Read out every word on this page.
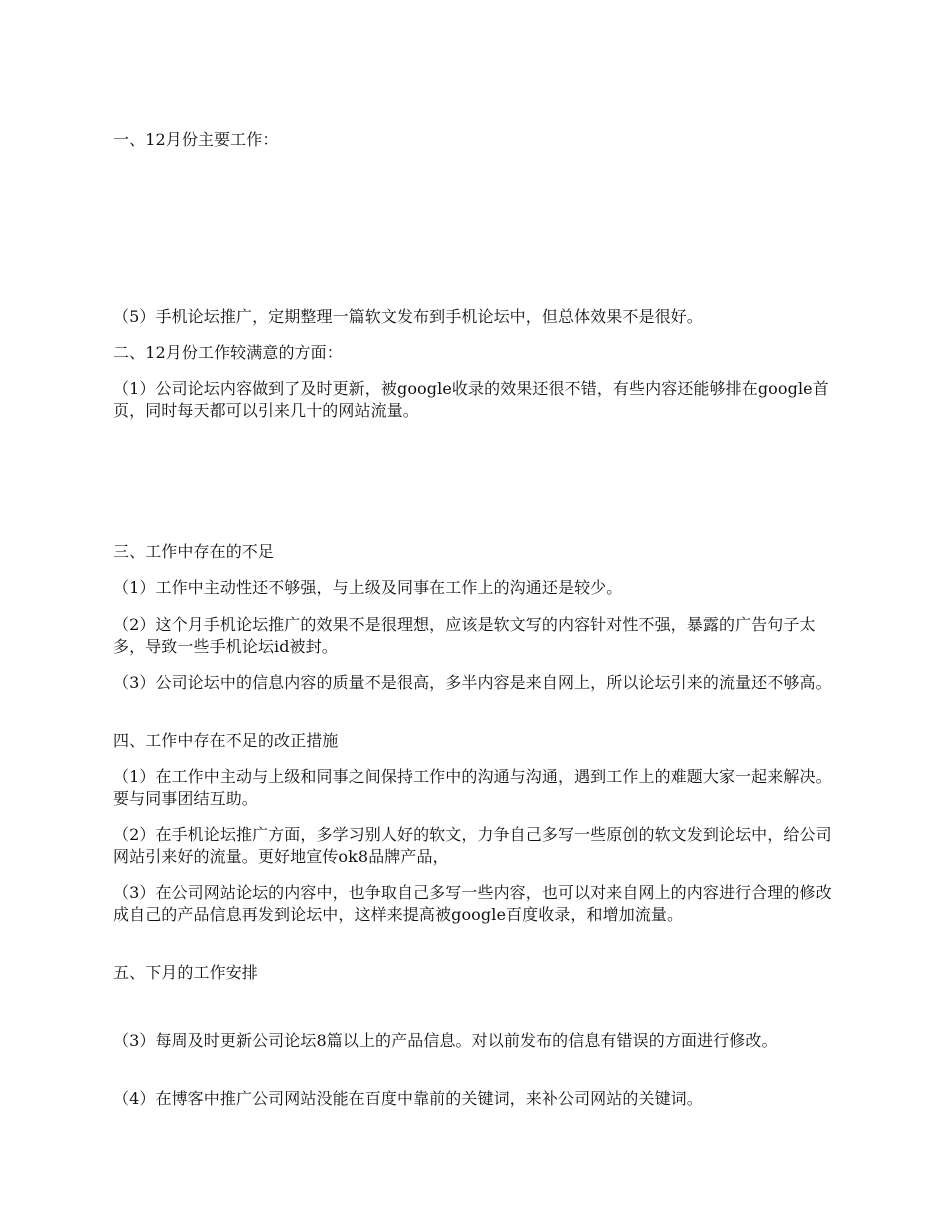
一、12月份主要工作：

（5）手机论坛推广，定期整理一篇软文发布到手机论坛中，但总体效果不是很好。

二、12月份工作较满意的方面：

（1）公司论坛内容做到了及时更新，被google收录的效果还很不错，有些内容还能够排在google首页，同时每天都可以引来几十的网站流量。

三、工作中存在的不足

（1）工作中主动性还不够强，与上级及同事在工作上的沟通还是较少。

（2）这个月手机论坛推广的效果不是很理想，应该是软文写的内容针对性不强，暴露的广告句子太多，导致一些手机论坛id被封。

（3）公司论坛中的信息内容的质量不是很高，多半内容是来自网上，所以论坛引来的流量还不够高。

四、工作中存在不足的改正措施

（1）在工作中主动与上级和同事之间保持工作中的沟通与沟通，遇到工作上的难题大家一起来解决。要与同事团结互助。

（2）在手机论坛推广方面，多学习别人好的软文，力争自己多写一些原创的软文发到论坛中，给公司网站引来好的流量。更好地宣传ok8品牌产品，

（3）在公司网站论坛的内容中，也争取自己多写一些内容，也可以对来自网上的内容进行合理的修改成自己的产品信息再发到论坛中，这样来提高被google百度收录，和增加流量。

五、下月的工作安排

（3）每周及时更新公司论坛8篇以上的产品信息。对以前发布的信息有错误的方面进行修改。

（4）在博客中推广公司网站没能在百度中靠前的关键词，来补公司网站的关键词。
